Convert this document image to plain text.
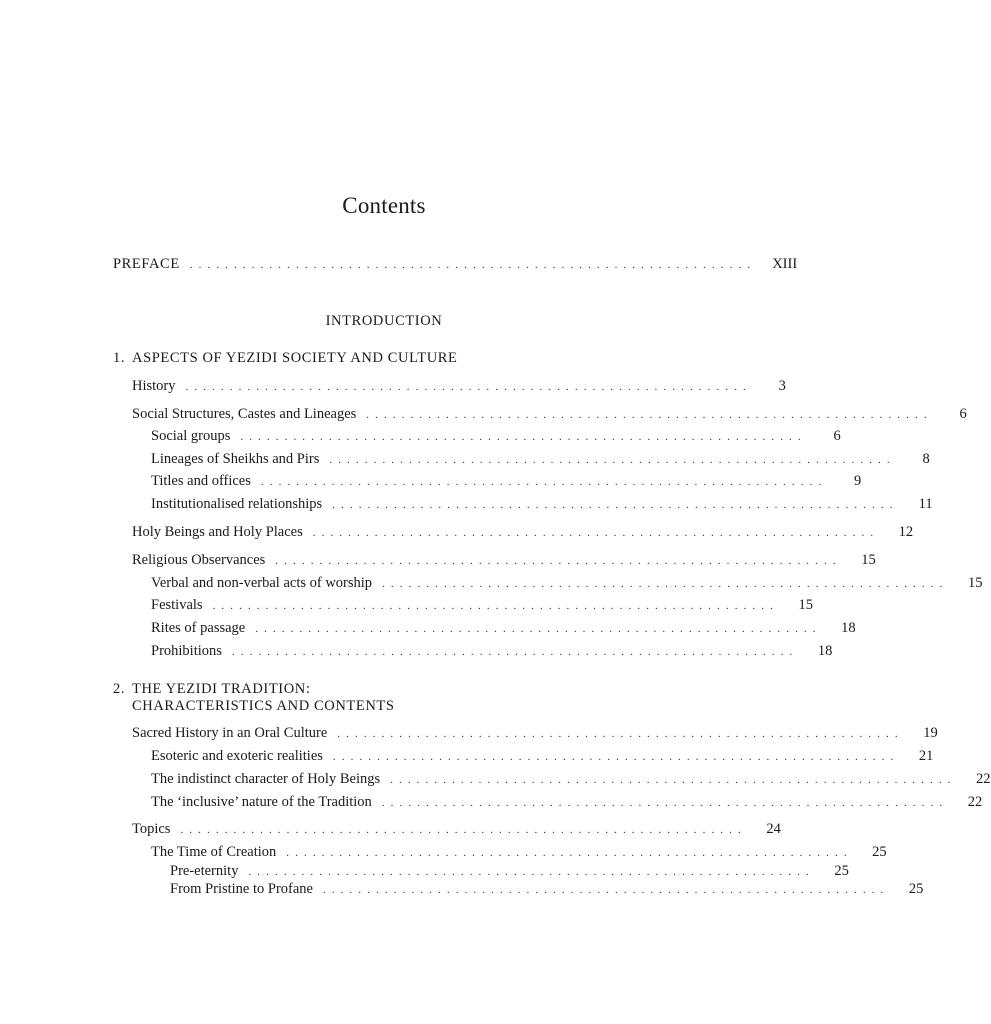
Contents
PREFACE ................................................................ XIII
INTRODUCTION
1. ASPECTS OF YEZIDI SOCIETY AND CULTURE
History ................................................................	3
Social Structures, Castes and Lineages ................................................................	6
Social groups ................................................................	6
Lineages of Sheikhs and Pirs ................................................................	8
Titles and offices ................................................................	9
Institutionalised relationships ................................................................ 11
Holy Beings and Holy Places ................................................................ 12
Religious Observances ................................................................ 15
Verbal and non-verbal acts of worship ................................................................ 15
Festivals ................................................................ 15
Rites of passage ................................................................ 18
Prohibitions ................................................................ 18
2. THE YEZIDI TRADITION:
CHARACTERISTICS AND CONTENTS
Sacred History in an Oral Culture ................................................................ 19
Esoteric and exoteric realities ................................................................ 21
The indistinct character of Holy Beings ................................................................ 22
The ‘inclusive’ nature of the Tradition ................................................................ 22
Topics ................................................................ 24
The Time of Creation ................................................................ 25
Pre-eternity ................................................................ 25
From Pristine to Profane ................................................................ 25
